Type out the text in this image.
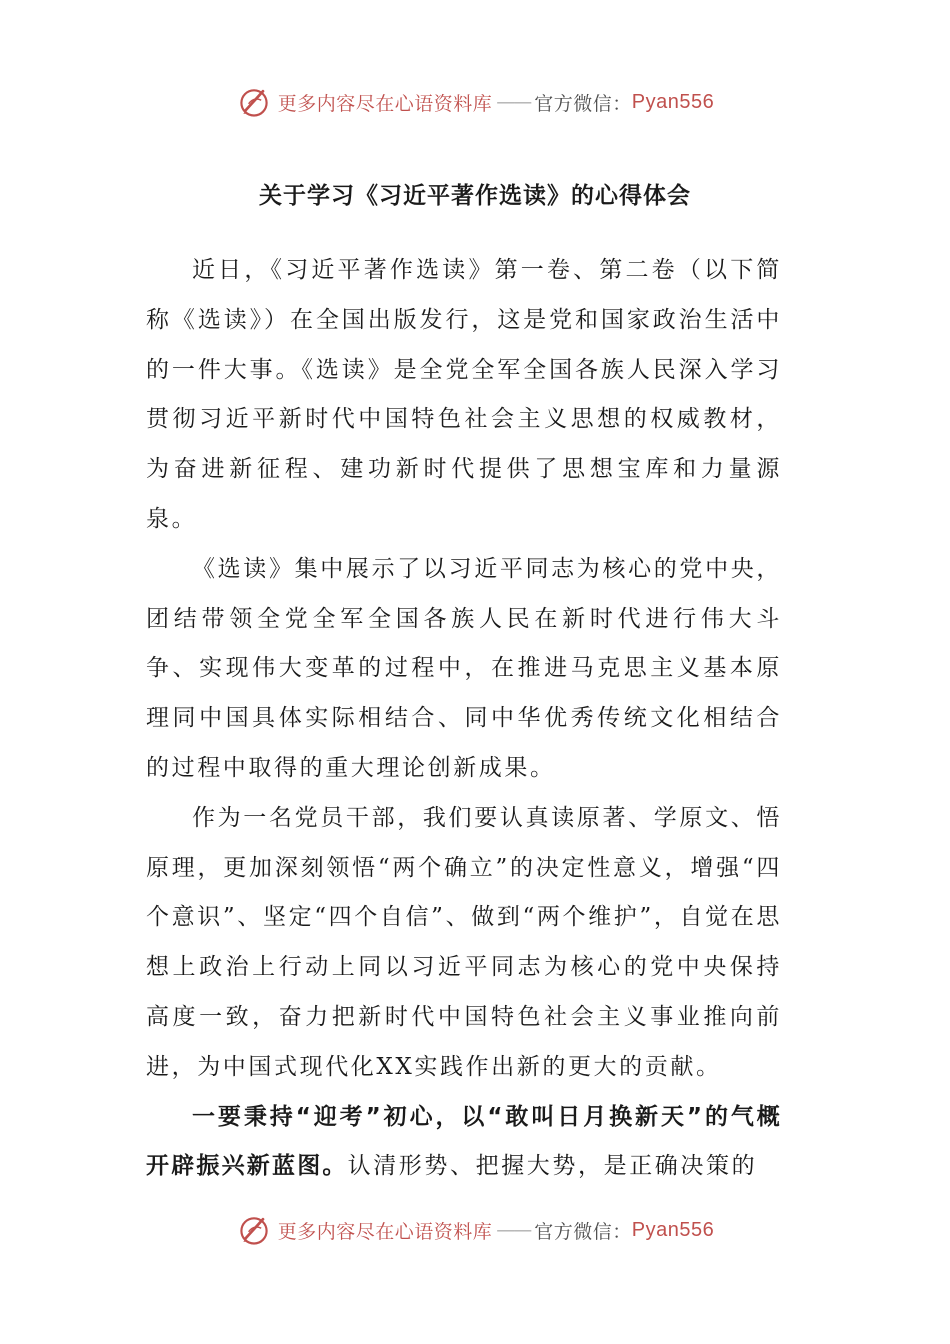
更多内容尽在心语资料库 —— 官方微信： Pyan556
关于学习《习近平著作选读》的心得体会

近日，《习近平著作选读》第一卷、第二卷（以下简称《选读》）在全国出版发行，这是党和国家政治生活中的一件大事。《选读》是全党全军全国各族人民深入学习贯彻习近平新时代中国特色社会主义思想的权威教材，为奋进新征程、建功新时代提供了思想宝库和力量源泉。

《选读》集中展示了以习近平同志为核心的党中央，团结带领全党全军全国各族人民在新时代进行伟大斗争、实现伟大变革的过程中，在推进马克思主义基本原理同中国具体实际相结合、同中华优秀传统文化相结合的过程中取得的重大理论创新成果。

作为一名党员干部，我们要认真读原著、学原文、悟原理，更加深刻领悟“两个确立”的决定性意义，增强“四个意识”、坚定“四个自信”、做到“两个维护”，自觉在思想上政治上行动上同以习近平同志为核心的党中央保持高度一致，奋力把新时代中国特色社会主义事业推向前进，为中国式现代化XX实践作出新的更大的贡献。

一要秉持“迎考”初心，以“敢叫日月换新天”的气概开辟振兴新蓝图。认清形势、把握大势，是正确决策的

更多内容尽在心语资料库 —— 官方微信： Pyan556
